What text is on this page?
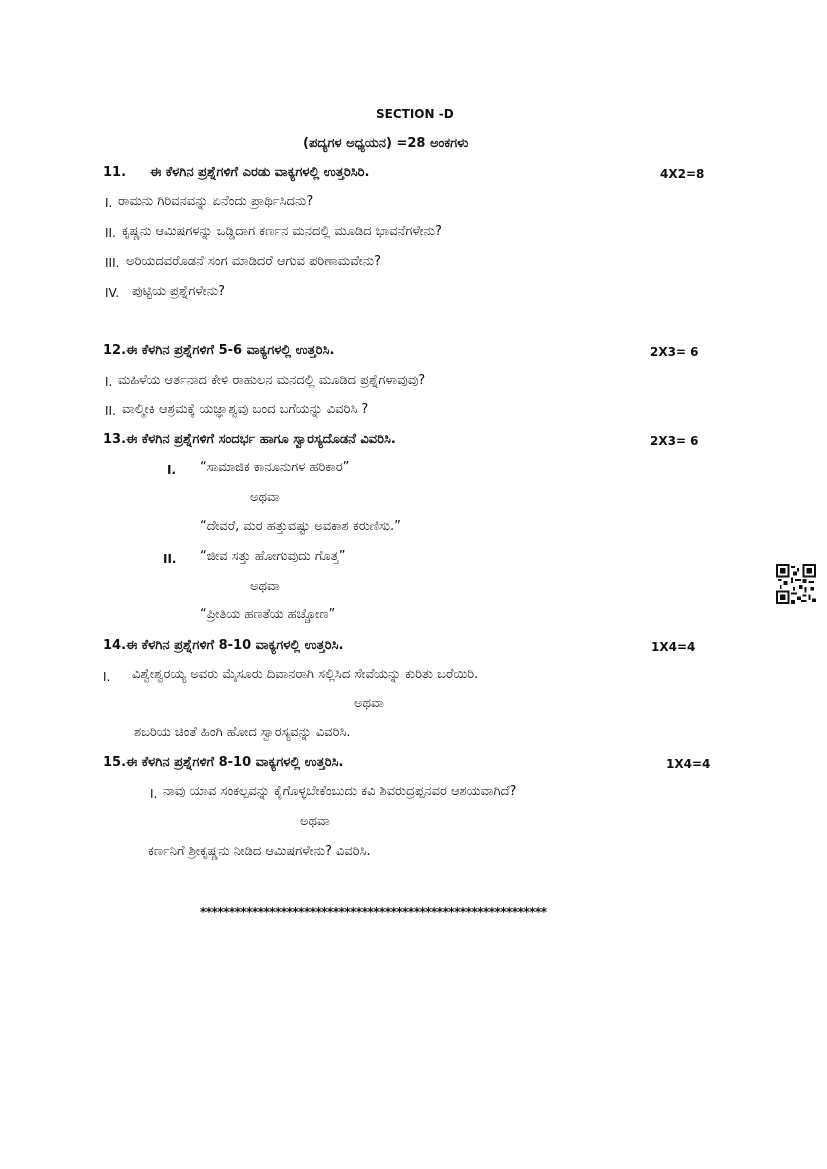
SECTION -D
(ಪದ್ಯಗಳ ಅಧ್ಯಯನ) =28 ಅಂಕಗಳು
11. ಈ ಕೆಳಗಿನ ಪ್ರಶ್ನೆಗಳಿಗೆ ಎರಡು ವಾಕ್ಯಗಳಲ್ಲಿ ಉತ್ತರಿಸಿರಿ.	4X2=8
I. ರಾಮನು ಗಿರಿವನವನ್ನು ಏನೆಂದು ಪ್ರಾರ್ಥಿಸಿದನು?
II. ಕೃಷ್ಣನು ಆಮಿಷಗಳನ್ನು ಒಡ್ಡಿದಾಗ ಕರ್ಣನ ಮನದಲ್ಲಿ ಮೂಡಿದ ಭಾವನೆಗಳೇನು?
III. ಅರಿಯದವರೊಡನೆ ಸಂಗ ಮಾಡಿದರೆ ಆಗುವ ಪರಿಣಾಮವೇನು?
IV. ಪುಟ್ಟಿಯ ಪ್ರಶ್ನೆಗಳೇನು?
12. ಈ ಕೆಳಗಿನ ಪ್ರಶ್ನೆಗಳಿಗೆ 5-6 ವಾಕ್ಯಗಳಲ್ಲಿ ಉತ್ತರಿಸಿ.	2X3= 6
I. ಮಹಿಳೆಯ ಆರ್ತನಾದ ಕೇಳಿ ರಾಹುಲನ ಮನದಲ್ಲಿ ಮೂಡಿದ ಪ್ರಶ್ನೆಗಳಾವುವು?
II. ವಾಲ್ಮೀಕಿ ಆಶ್ರಮಕ್ಕೆ ಯಜ್ಞಾಶ್ವವು ಬಂದ ಬಗೆಯನ್ನು ವಿವರಿಸಿ ?
13. ಈ ಕೆಳಗಿನ ಪ್ರಶ್ನೆಗಳಿಗೆ ಸಂದರ್ಭ ಹಾಗೂ ಸ್ವಾರಸ್ಯದೊಡನೆ ವಿವರಿಸಿ.	2X3= 6
I. “ಸಾಮಾಜಿಕ ಕಾನೂನುಗಳ ಹರಿಕಾರ”
ಅಥವಾ
“ದೇವರೆ, ಮರ ಹತ್ತುವಷ್ಟು ಅವಕಾಶ ಕರುಣಿಸು.”
II. “ಜೀವ ಸತ್ತು ಹೋಗುವುದು ಗೊತ್ತ”
ಅಥವಾ
“ಪ್ರೀತಿಯ ಹಣತೆಯ ಹಚ್ಚೋಣ”
14. ಈ ಕೆಳಗಿನ ಪ್ರಶ್ನೆಗಳಿಗೆ 8-10 ವಾಕ್ಯಗಳಲ್ಲಿ ಉತ್ತರಿಸಿ.	1X4=4
I. ವಿಶ್ವೇಶ್ವರಯ್ಯ ಅವರು ಮೈಸೂರು ದಿವಾನರಾಗಿ ಸಲ್ಲಿಸಿದ ಸೇವೆಯನ್ನು ಕುರಿತು ಬರೆಯಿರಿ.
ಅಥವಾ
ಶಬರಿಯ ಚಿಂತೆ ಹಿಂಗಿ ಹೋದ ಸ್ವಾರಸ್ಯವನ್ನು ವಿವರಿಸಿ.
15. ಈ ಕೆಳಗಿನ ಪ್ರಶ್ನೆಗಳಿಗೆ 8-10 ವಾಕ್ಯಗಳಲ್ಲಿ ಉತ್ತರಿಸಿ.	1X4=4
I. ನಾವು ಯಾವ ಸಂಕಲ್ಪವನ್ನು ಕೈಗೊಳ್ಳಬೇಕೆಂಬುದು ಕವಿ ಶಿವರುದ್ರಪ್ಪನವರ ಆಶಯವಾಗಿದೆ?
ಅಥವಾ
ಕರ್ಣನಿಗೆ ಶ್ರೀಕೃಷ್ಣನು ನೀಡಿದ ಆಮಿಷಗಳೇನು? ವಿವರಿಸಿ.
************************************************************
